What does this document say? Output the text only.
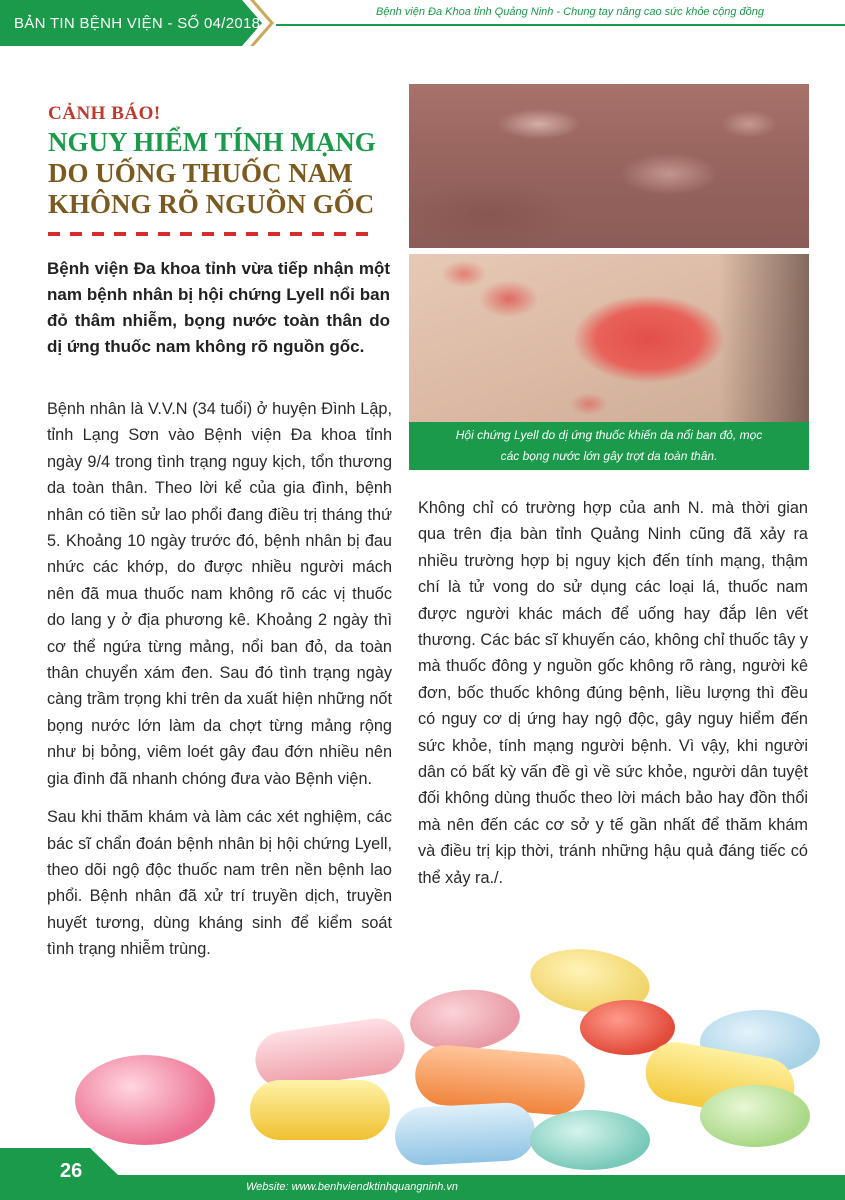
BẢN TIN BỆNH VIỆN - SỐ 04/2018
Bệnh viện Đa Khoa tỉnh Quảng Ninh - Chung tay nâng cao sức khỏe cộng đồng
CẢNH BÁO!
NGUY HIỂM TÍNH MẠNG
DO UỐNG THUỐC NAM
KHÔNG RÕ NGUỒN GỐC
Hội chứng Lyell do dị ứng thuốc khiến da nổi ban đỏ, mọc
các bọng nước lớn gây trợt da toàn thân.
Bệnh viện Đa khoa tỉnh vừa tiếp nhận một nam bệnh nhân bị hội chứng Lyell nổi ban đỏ thâm nhiễm, bọng nước toàn thân do dị ứng thuốc nam không rõ nguồn gốc.

Bệnh nhân là V.V.N (34 tuổi) ở huyện Đình Lập, tỉnh Lạng Sơn vào Bệnh viện Đa khoa tỉnh ngày 9/4 trong tình trạng nguy kịch, tổn thương da toàn thân. Theo lời kể của gia đình, bệnh nhân có tiền sử lao phổi đang điều trị tháng thứ 5. Khoảng 10 ngày trước đó, bệnh nhân bị đau nhức các khớp, do được nhiều người mách nên đã mua thuốc nam không rõ các vị thuốc do lang y ở địa phương kê. Khoảng 2 ngày thì cơ thể ngứa từng mảng, nổi ban đỏ, da toàn thân chuyển xám đen. Sau đó tình trạng ngày càng trầm trọng khi trên da xuất hiện những nốt bọng nước lớn làm da chợt từng mảng rộng như bị bỏng, viêm loét gây đau đớn nhiều nên gia đình đã nhanh chóng đưa vào Bệnh viện.

Sau khi thăm khám và làm các xét nghiệm, các bác sĩ chẩn đoán bệnh nhân bị hội chứng Lyell, theo dõi ngộ độc thuốc nam trên nền bệnh lao phổi. Bệnh nhân đã xử trí truyền dịch, truyền huyết tương, dùng kháng sinh để kiểm soát tình trạng nhiễm trùng.

Không chỉ có trường hợp của anh N. mà thời gian qua trên địa bàn tỉnh Quảng Ninh cũng đã xảy ra nhiều trường hợp bị nguy kịch đến tính mạng, thậm chí là tử vong do sử dụng các loại lá, thuốc nam được người khác mách để uống hay đắp lên vết thương. Các bác sĩ khuyến cáo, không chỉ thuốc tây y mà thuốc đông y nguồn gốc không rõ ràng, người kê đơn, bốc thuốc không đúng bệnh, liều lượng thì đều có nguy cơ dị ứng hay ngộ độc, gây nguy hiểm đến sức khỏe, tính mạng người bệnh. Vì vậy, khi người dân có bất kỳ vấn đề gì về sức khỏe, người dân tuyệt đối không dùng thuốc theo lời mách bảo hay đồn thổi mà nên đến các cơ sở y tế gần nhất để thăm khám và điều trị kịp thời, tránh những hậu quả đáng tiếc có thể xảy ra./.

26
Website: www.benhviendktinhquangninh.vn
